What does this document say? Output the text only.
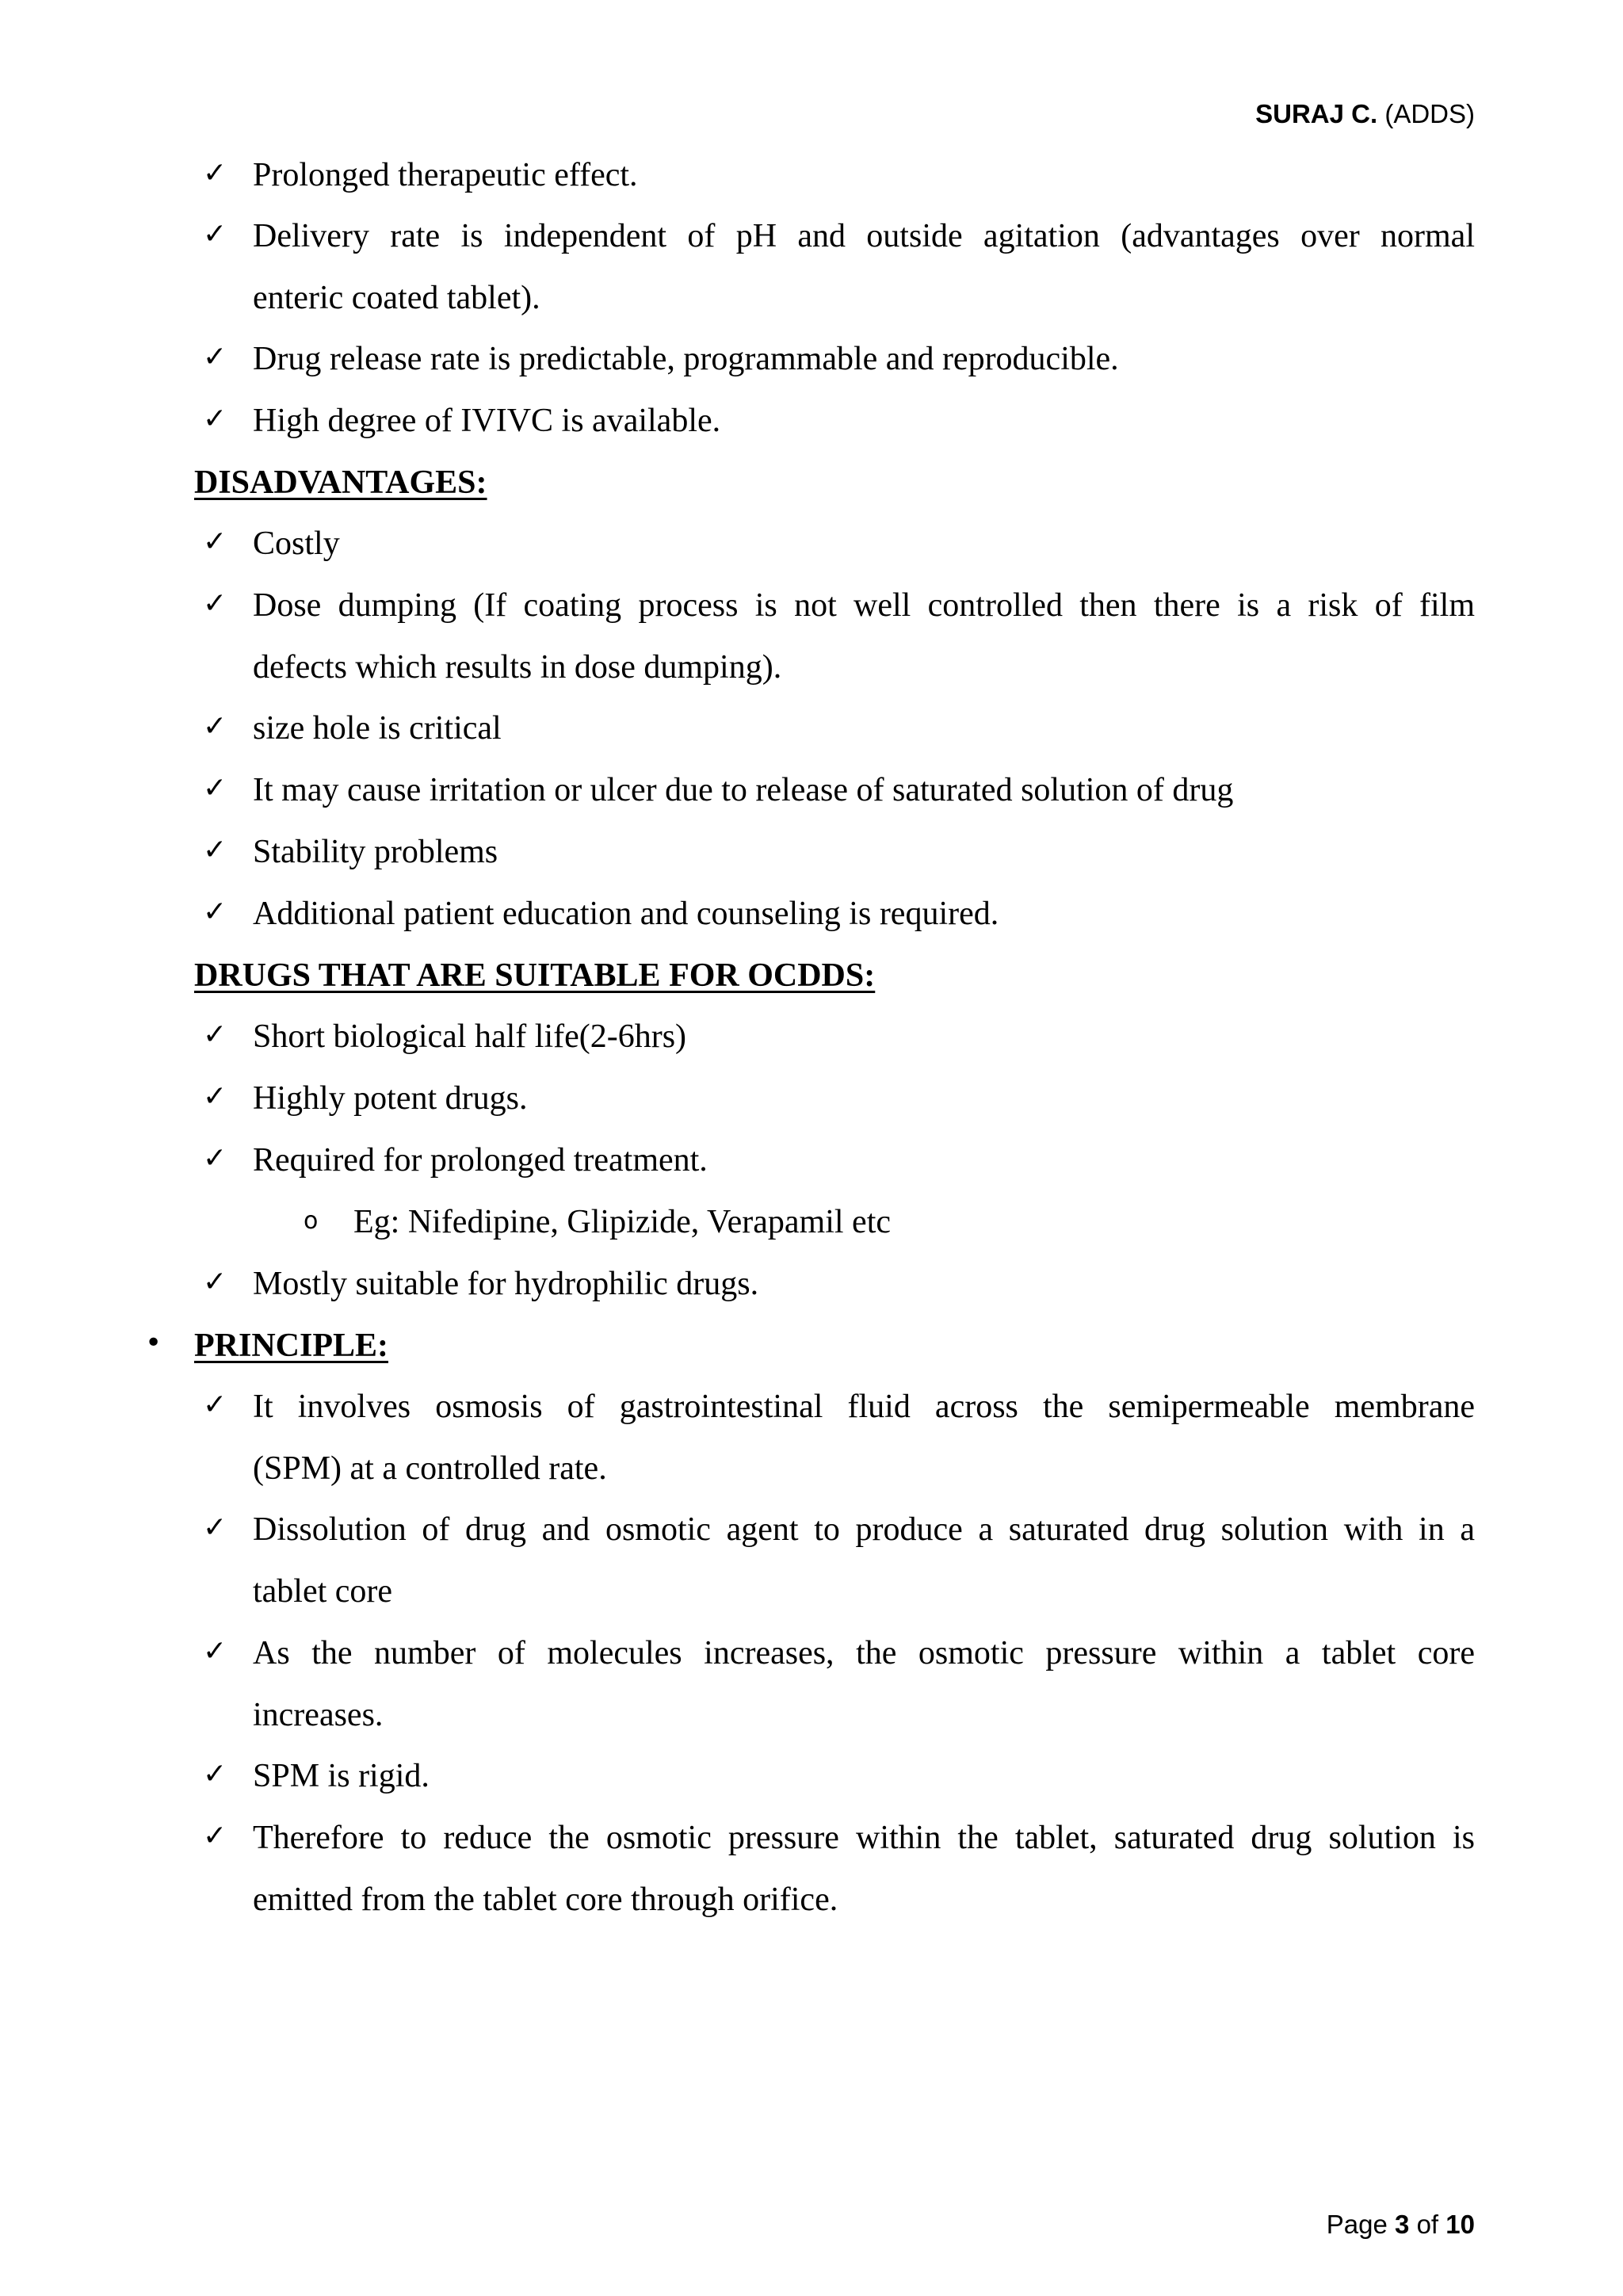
SURAJ C. (ADDS)
✓ Prolonged therapeutic effect.
✓ Delivery rate is independent of pH and outside agitation (advantages over normal
enteric coated tablet).
✓ Drug release rate is predictable, programmable and reproducible.
✓ High degree of IVIVC is available.
DISADVANTAGES:
✓ Costly
✓ Dose dumping (If coating process is not well controlled then there is a risk of film
defects which results in dose dumping).
✓ size hole is critical
✓ It may cause irritation or ulcer due to release of saturated solution of drug
✓ Stability problems
✓ Additional patient education and counseling is required.
DRUGS THAT ARE SUITABLE FOR OCDDS:
✓ Short biological half life(2-6hrs)
✓ Highly potent drugs.
✓ Required for prolonged treatment.
o Eg: Nifedipine, Glipizide, Verapamil etc
✓ Mostly suitable for hydrophilic drugs.
• PRINCIPLE:
✓ It involves osmosis of gastrointestinal fluid across the semipermeable membrane
(SPM) at a controlled rate.
✓ Dissolution of drug and osmotic agent to produce a saturated drug solution with in a
tablet core
✓ As the number of molecules increases, the osmotic pressure within a tablet core
increases.
✓ SPM is rigid.
✓ Therefore to reduce the osmotic pressure within the tablet, saturated drug solution is
emitted from the tablet core through orifice.
Page 3 of 10
